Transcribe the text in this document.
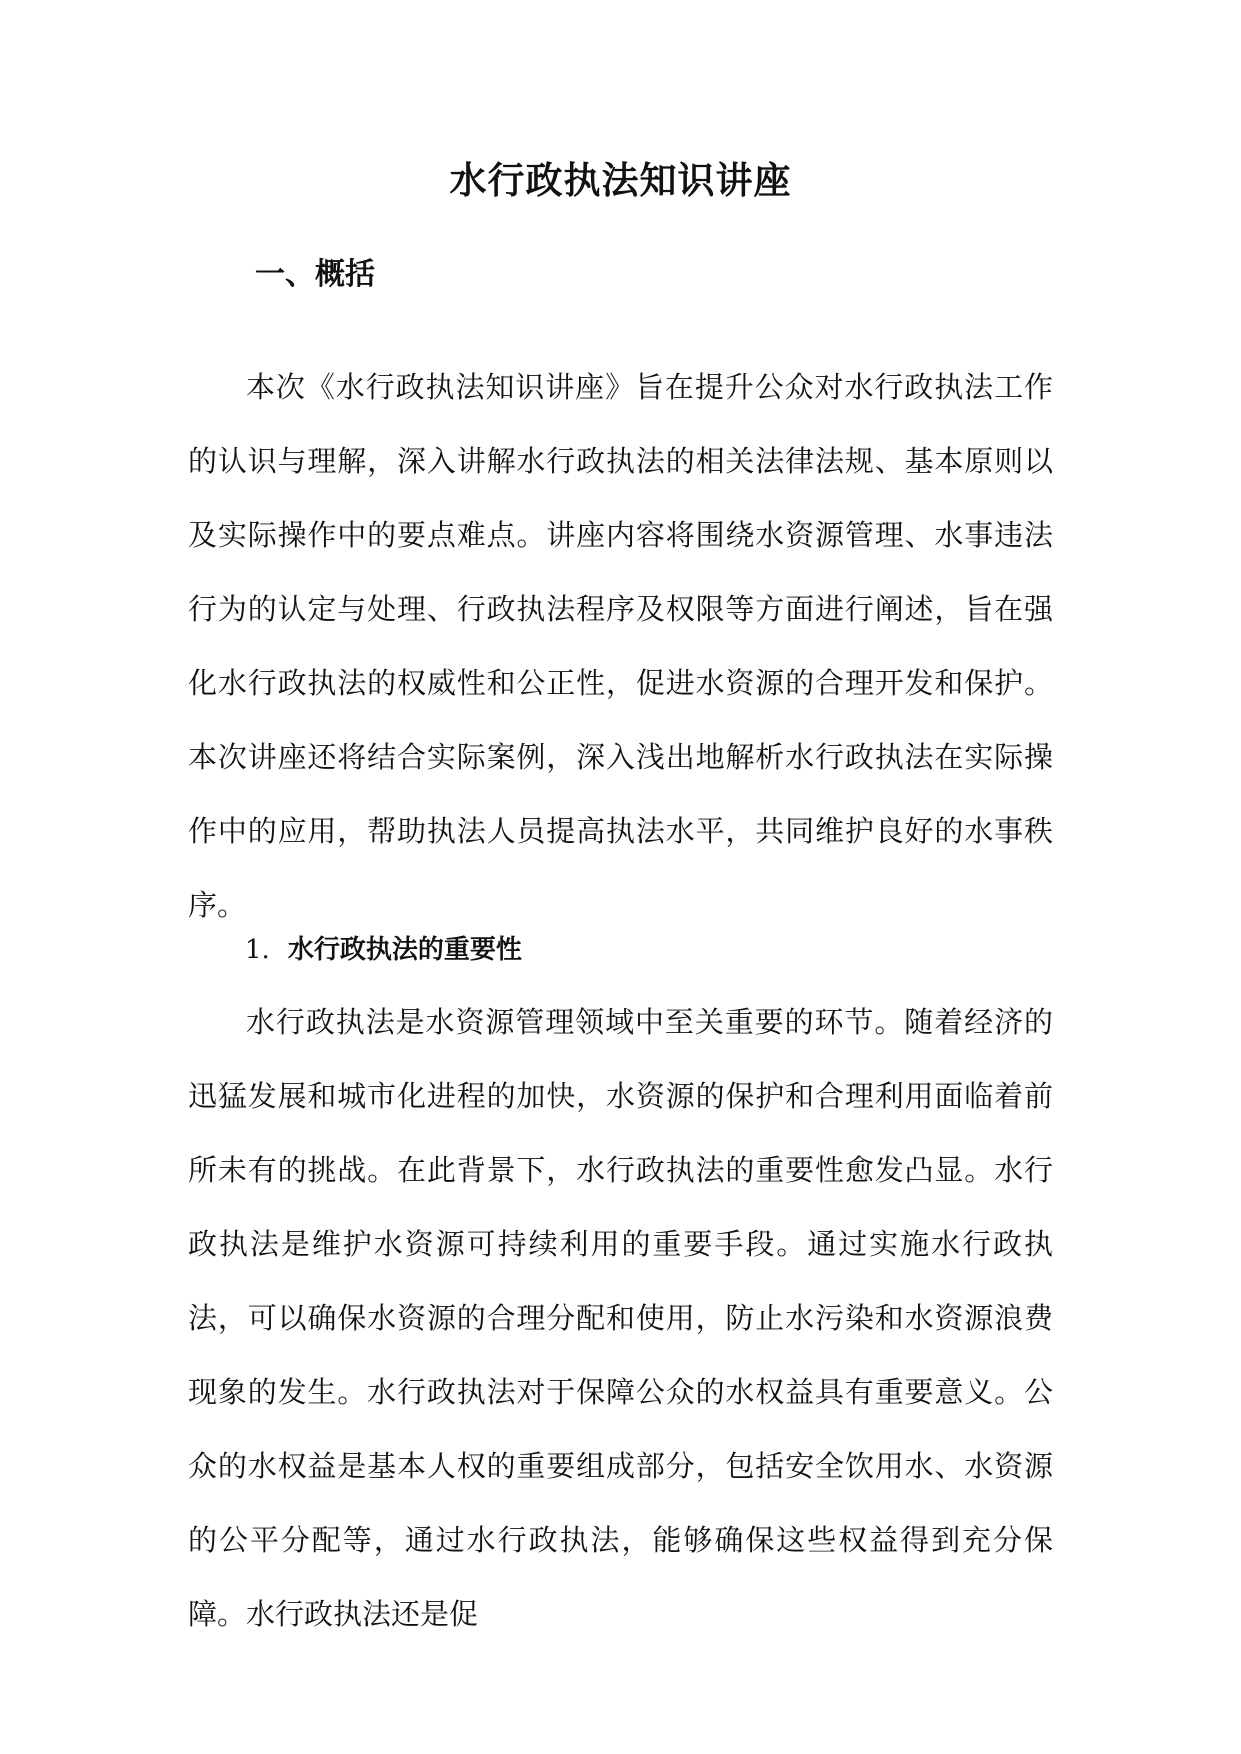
水行政执法知识讲座
一、概括

本次《水行政执法知识讲座》旨在提升公众对水行政执法工作的认识与理解，深入讲解水行政执法的相关法律法规、基本原则以及实际操作中的要点难点。讲座内容将围绕水资源管理、水事违法行为的认定与处理、行政执法程序及权限等方面进行阐述，旨在强化水行政执法的权威性和公正性，促进水资源的合理开发和保护。本次讲座还将结合实际案例，深入浅出地解析水行政执法在实际操作中的应用，帮助执法人员提高执法水平，共同维护良好的水事秩序。

1. 水行政执法的重要性

水行政执法是水资源管理领域中至关重要的环节。随着经济的迅猛发展和城市化进程的加快，水资源的保护和合理利用面临着前所未有的挑战。在此背景下，水行政执法的重要性愈发凸显。水行政执法是维护水资源可持续利用的重要手段。通过实施水行政执法，可以确保水资源的合理分配和使用，防止水污染和水资源浪费现象的发生。水行政执法对于保障公众的水权益具有重要意义。公众的水权益是基本人权的重要组成部分，包括安全饮用水、水资源的公平分配等，通过水行政执法，能够确保这些权益得到充分保障。水行政执法还是促
